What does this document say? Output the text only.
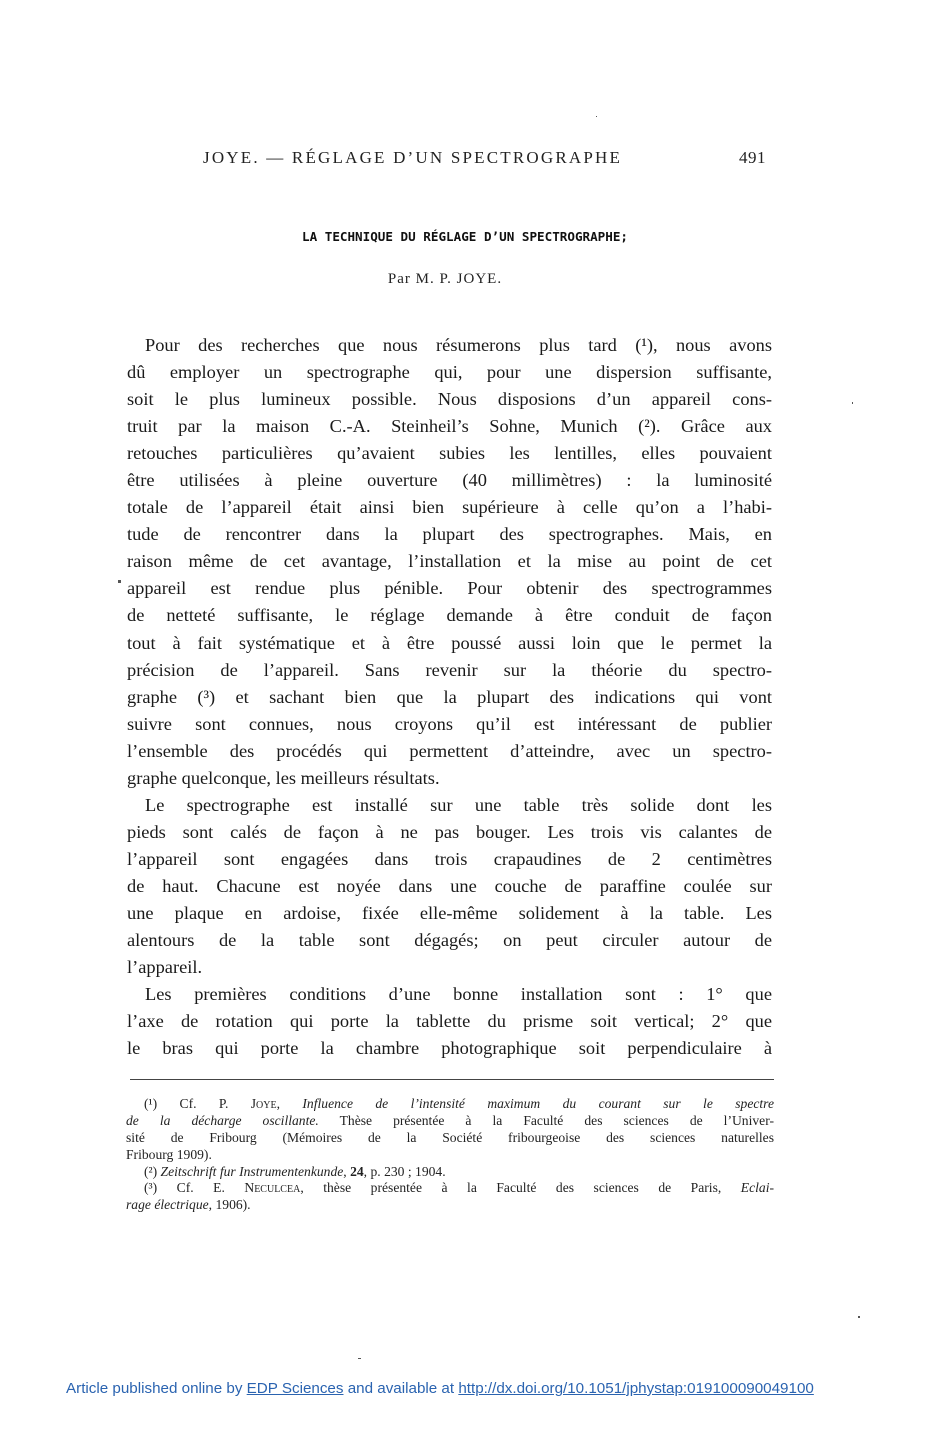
JOYE. — RÉGLAGE D’UN SPECTROGRAPHE	491
LA TECHNIQUE DU RÉGLAGE D’UN SPECTROGRAPHE;
Par M. P. JOYE.
Pour des recherches que nous résumerons plus tard (¹), nous avons
dû employer un spectrographe qui, pour une dispersion suffisante,
soit le plus lumineux possible. Nous disposions d’un appareil cons-
truit par la maison C.-A. Steinheil’s Sohne, Munich (²). Grâce aux
retouches particulières qu’avaient subies les lentilles, elles pouvaient
être utilisées à pleine ouverture (40 millimètres) : la luminosité
totale de l’appareil était ainsi bien supérieure à celle qu’on a l’habi-
tude de rencontrer dans la plupart des spectrographes. Mais, en
raison même de cet avantage, l’installation et la mise au point de cet
appareil est rendue plus pénible. Pour obtenir des spectrogrammes
de netteté suffisante, le réglage demande à être conduit de façon
tout à fait systématique et à être poussé aussi loin que le permet la
précision de l’appareil. Sans revenir sur la théorie du spectro-
graphe (³) et sachant bien que la plupart des indications qui vont
suivre sont connues, nous croyons qu’il est intéressant de publier
l’ensemble des procédés qui permettent d’atteindre, avec un spectro-
graphe quelconque, les meilleurs résultats.
Le spectrographe est installé sur une table très solide dont les
pieds sont calés de façon à ne pas bouger. Les trois vis calantes de
l’appareil sont engagées dans trois crapaudines de 2 centimètres
de haut. Chacune est noyée dans une couche de paraffine coulée sur
une plaque en ardoise, fixée elle-même solidement à la table. Les
alentours de la table sont dégagés; on peut circuler autour de
l’appareil.
Les premières conditions d’une bonne installation sont : 1° que
l’axe de rotation qui porte la tablette du prisme soit vertical; 2° que
le bras qui porte la chambre photographique soit perpendiculaire à
(¹) Cf. P. Joye, Influence de l’intensité maximum du courant sur le spectre
de la décharge oscillante. Thèse présentée à la Faculté des sciences de l’Univer-
sité de Fribourg (Mémoires de la Société fribourgeoise des sciences naturelles
Fribourg 1909).
(²) Zeitschrift fur Instrumentenkunde, 24, p. 230 ; 1904.
(³) Cf. E. Neculcea, thèse présentée à la Faculté des sciences de Paris, Eclai-
rage électrique, 1906).
Article published online by EDP Sciences and available at http://dx.doi.org/10.1051/jphystap:019100090049100
